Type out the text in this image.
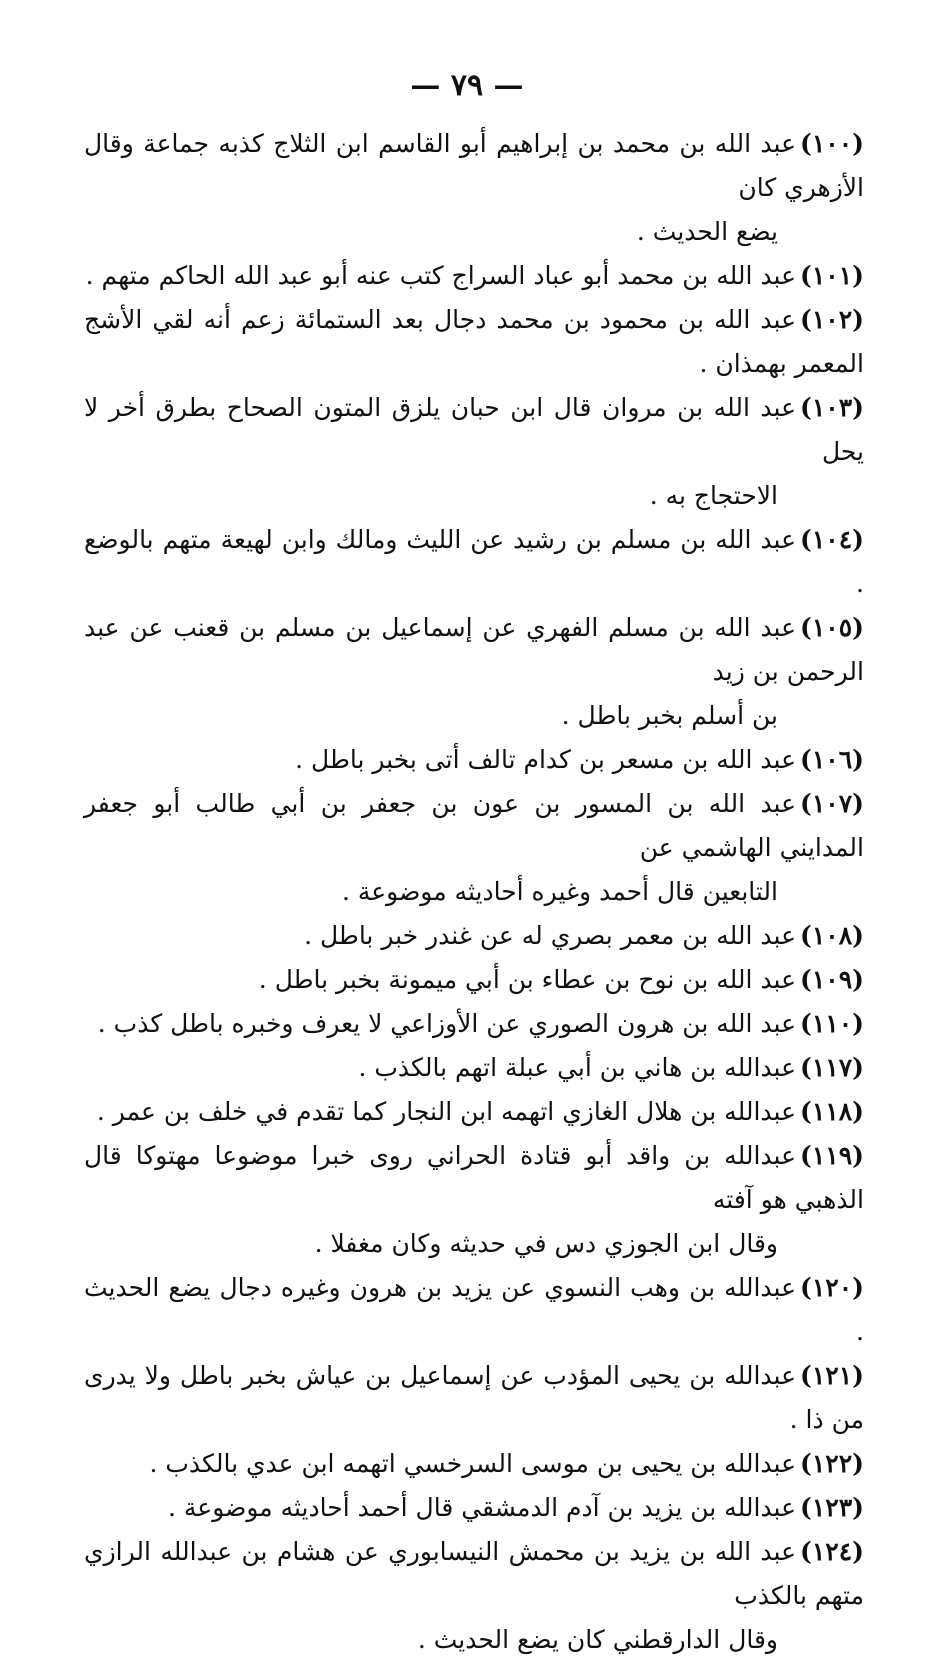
— ٧٩ —
(١٠٠)عبد الله بن محمد بن إبراهيم أبو القاسم ابن الثلاج كذبه جماعة وقال الأزهري كان
يضع الحديث .
(١٠١)عبد الله بن محمد أبو عباد السراج كتب عنه أبو عبد الله الحاكم متهم .
(١٠٢)عبد الله بن محمود بن محمد دجال بعد الستمائة زعم أنه لقي الأشج المعمر بهمذان .
(١٠٣)عبد الله بن مروان قال ابن حبان يلزق المتون الصحاح بطرق أخر لا يحل
الاحتجاج به .
(١٠٤)عبد الله بن مسلم بن رشيد عن الليث ومالك وابن لهيعة متهم بالوضع .
(١٠٥)عبد الله بن مسلم الفهري عن إسماعيل بن مسلم بن قعنب عن عبد الرحمن بن زيد
بن أسلم بخبر باطل .
(١٠٦)عبد الله بن مسعر بن كدام تالف أتى بخبر باطل .
(١٠٧)عبد الله بن المسور بن عون بن جعفر بن أبي طالب أبو جعفر المدايني الهاشمي عن
التابعين قال أحمد وغيره أحاديثه موضوعة .
(١٠٨)عبد الله بن معمر بصري له عن غندر خبر باطل .
(١٠٩)عبد الله بن نوح بن عطاء بن أبي ميمونة بخبر باطل .
(١١٠)عبد الله بن هرون الصوري عن الأوزاعي لا يعرف وخبره باطل كذب .
(١١٧)عبدالله بن هاني بن أبي عبلة اتهم بالكذب .
(١١٨)عبدالله بن هلال الغازي اتهمه ابن النجار كما تقدم في خلف بن عمر .
(١١٩)عبدالله بن واقد أبو قتادة الحراني روى خبرا موضوعا مهتوكا قال الذهبي هو آفته
وقال ابن الجوزي دس في حديثه وكان مغفلا .
(١٢٠)عبدالله بن وهب النسوي عن يزيد بن هرون وغيره دجال يضع الحديث .
(١٢١)عبدالله بن يحيى المؤدب عن إسماعيل بن عياش بخبر باطل ولا يدرى من ذا .
(١٢٢)عبدالله بن يحيى بن موسى السرخسي اتهمه ابن عدي بالكذب .
(١٢٣)عبدالله بن يزيد بن آدم الدمشقي قال أحمد أحاديثه موضوعة .
(١٢٤)عبد الله بن يزيد بن محمش النيسابوري عن هشام بن عبدالله الرازي متهم بالكذب
وقال الدارقطني كان يضع الحديث .
